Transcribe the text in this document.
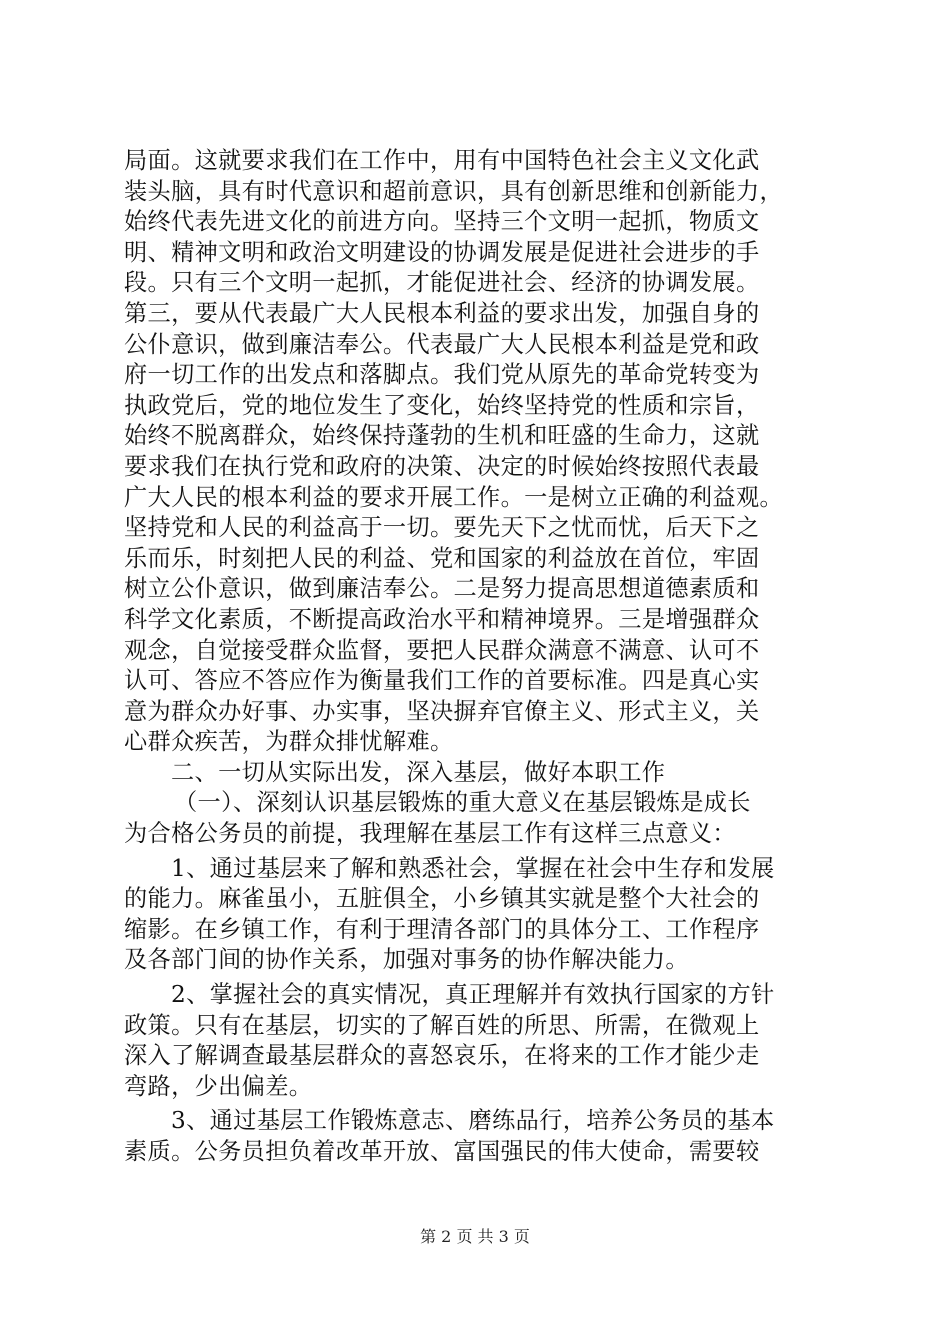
局面。这就要求我们在工作中，用有中国特色社会主义文化武
装头脑，具有时代意识和超前意识，具有创新思维和创新能力，
始终代表先进文化的前进方向。坚持三个文明一起抓，物质文
明、精神文明和政治文明建设的协调发展是促进社会进步的手
段。只有三个文明一起抓，才能促进社会、经济的协调发展。
第三，要从代表最广大人民根本利益的要求出发，加强自身的
公仆意识，做到廉洁奉公。代表最广大人民根本利益是党和政
府一切工作的出发点和落脚点。我们党从原先的革命党转变为
执政党后，党的地位发生了变化，始终坚持党的性质和宗旨，
始终不脱离群众，始终保持蓬勃的生机和旺盛的生命力，这就
要求我们在执行党和政府的决策、决定的时候始终按照代表最
广大人民的根本利益的要求开展工作。一是树立正确的利益观。
坚持党和人民的利益高于一切。要先天下之忧而忧，后天下之
乐而乐，时刻把人民的利益、党和国家的利益放在首位，牢固
树立公仆意识，做到廉洁奉公。二是努力提高思想道德素质和
科学文化素质，不断提高政治水平和精神境界。三是增强群众
观念，自觉接受群众监督，要把人民群众满意不满意、认可不
认可、答应不答应作为衡量我们工作的首要标准。四是真心实
意为群众办好事、办实事，坚决摒弃官僚主义、形式主义，关
心群众疾苦，为群众排忧解难。
二、一切从实际出发，深入基层，做好本职工作
（一）、深刻认识基层锻炼的重大意义在基层锻炼是成长
为合格公务员的前提，我理解在基层工作有这样三点意义：
1、通过基层来了解和熟悉社会，掌握在社会中生存和发展
的能力。麻雀虽小，五脏俱全，小乡镇其实就是整个大社会的
缩影。在乡镇工作，有利于理清各部门的具体分工、工作程序
及各部门间的协作关系，加强对事务的协作解决能力。
2、掌握社会的真实情况，真正理解并有效执行国家的方针
政策。只有在基层，切实的了解百姓的所思、所需，在微观上
深入了解调查最基层群众的喜怒哀乐，在将来的工作才能少走
弯路，少出偏差。
3、通过基层工作锻炼意志、磨练品行，培养公务员的基本
素质。公务员担负着改革开放、富国强民的伟大使命，需要较
第 2 页 共 3 页
